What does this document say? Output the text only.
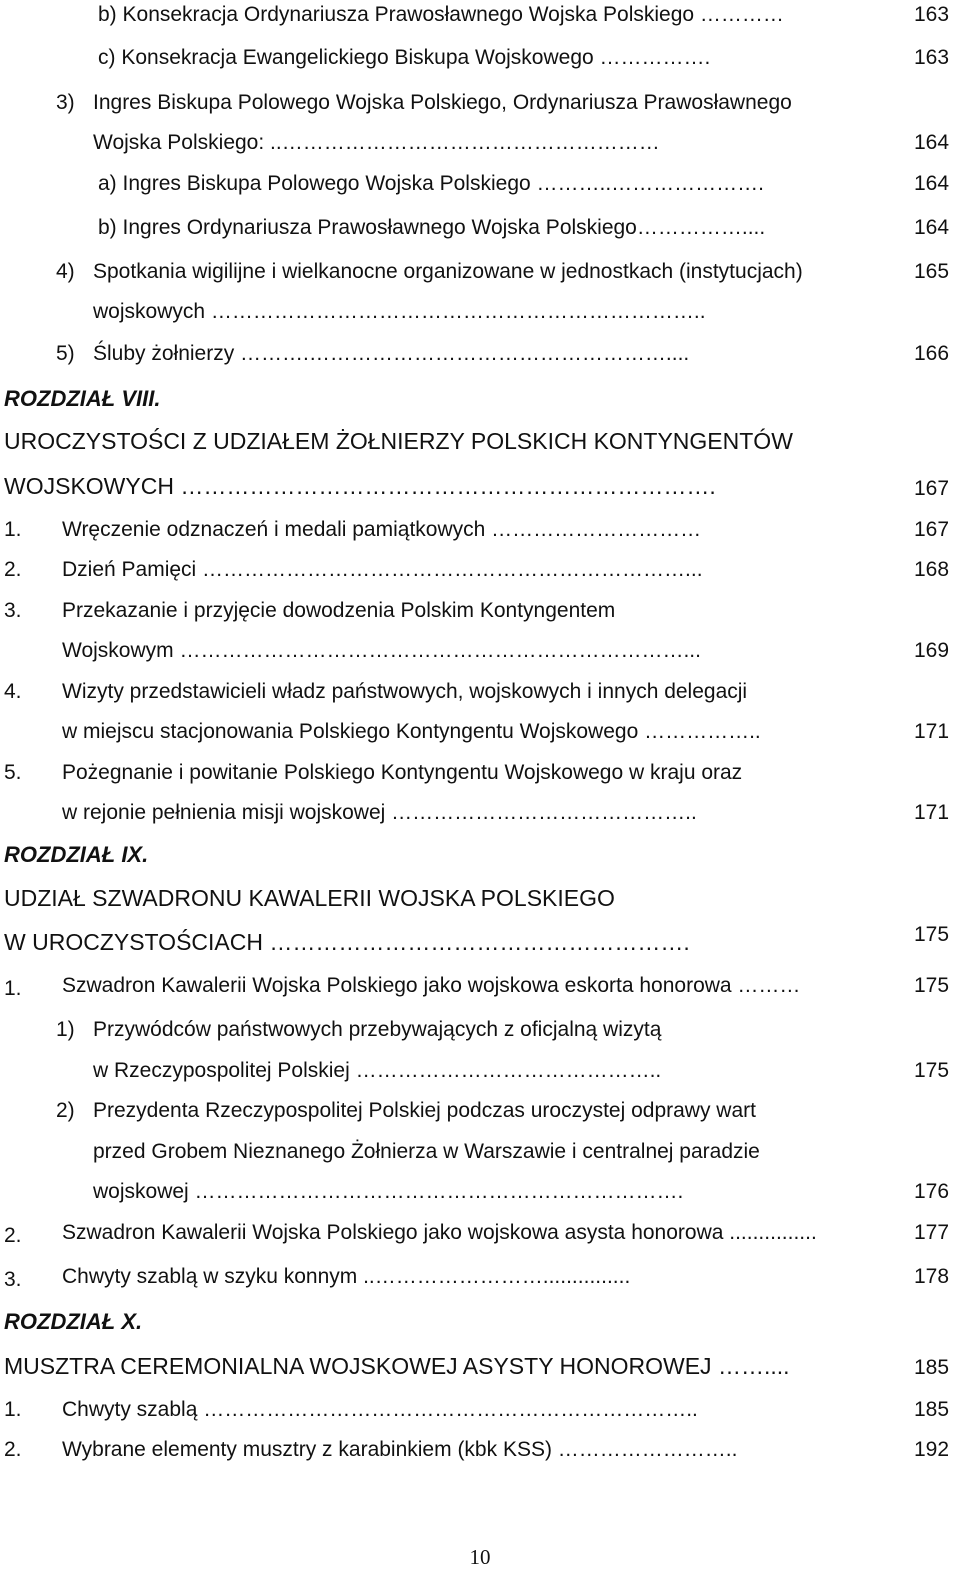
b) Konsekracja Ordynariusza Prawosławnego Wojska Polskiego …………	163
c) Konsekracja Ewangelickiego Biskupa Wojskowego …………….	163
3) Ingres Biskupa Polowego Wojska Polskiego, Ordynariusza Prawosławnego
Wojska Polskiego: ..………………………………………………	164
a) Ingres Biskupa Polowego Wojska Polskiego ………..………………….	164
b) Ingres Ordynariusza Prawosławnego Wojska Polskiego……………....	164
4) Spotkania wigilijne i wielkanocne organizowane w jednostkach (instytucjach)	165
wojskowych ……………………………………………………………..
5) Śluby żołnierzy ……….……………………………………………....	166
ROZDZIAŁ VIII.
UROCZYSTOŚCI Z UDZIAŁEM ŻOŁNIERZY POLSKICH KONTYNGENTÓW
WOJSKOWYCH …………………………………………………………….	167
1. Wręczenie odznaczeń i medali pamiątkowych …………………………	167
2. Dzień Pamięci ……………………………………………………………...	168
3. Przekazanie i przyjęcie dowodzenia Polskim Kontyngentem
Wojskowym ………………………………………………………………...	169
4. Wizyty przedstawicieli władz państwowych, wojskowych i innych delegacji
w miejscu stacjonowania Polskiego Kontyngentu Wojskowego ……………..	171
5. Pożegnanie i powitanie Polskiego Kontyngentu Wojskowego w kraju oraz
w rejonie pełnienia misji wojskowej ……………………………………..	171
ROZDZIAŁ IX.
UDZIAŁ SZWADRONU KAWALERII WOJSKA POLSKIEGO
W UROCZYSTOŚCIACH ……………………………………………….	175
1. Szwadron Kawalerii Wojska Polskiego jako wojskowa eskorta honorowa ………	175
1) Przywódców państwowych przebywających z oficjalną wizytą
w Rzeczypospolitej Polskiej ……………………………………..	175
2) Prezydenta Rzeczypospolitej Polskiej podczas uroczystej odprawy wart
przed Grobem Nieznanego Żołnierza w Warszawie i centralnej paradzie
wojskowej …………………………………………………………….	176
2. Szwadron Kawalerii Wojska Polskiego jako wojskowa asysta honorowa ...............	177
3. Chwyty szablą w szyku konnym ..……………………...............	178
ROZDZIAŁ X.
MUSZTRA CEREMONIALNA WOJSKOWEJ ASYSTY HONOROWEJ ……....	185
1. Chwyty szablą ……………………………………………………………..	185
2. Wybrane elementy musztry z karabinkiem (kbk KSS) ……………………..	192
10
